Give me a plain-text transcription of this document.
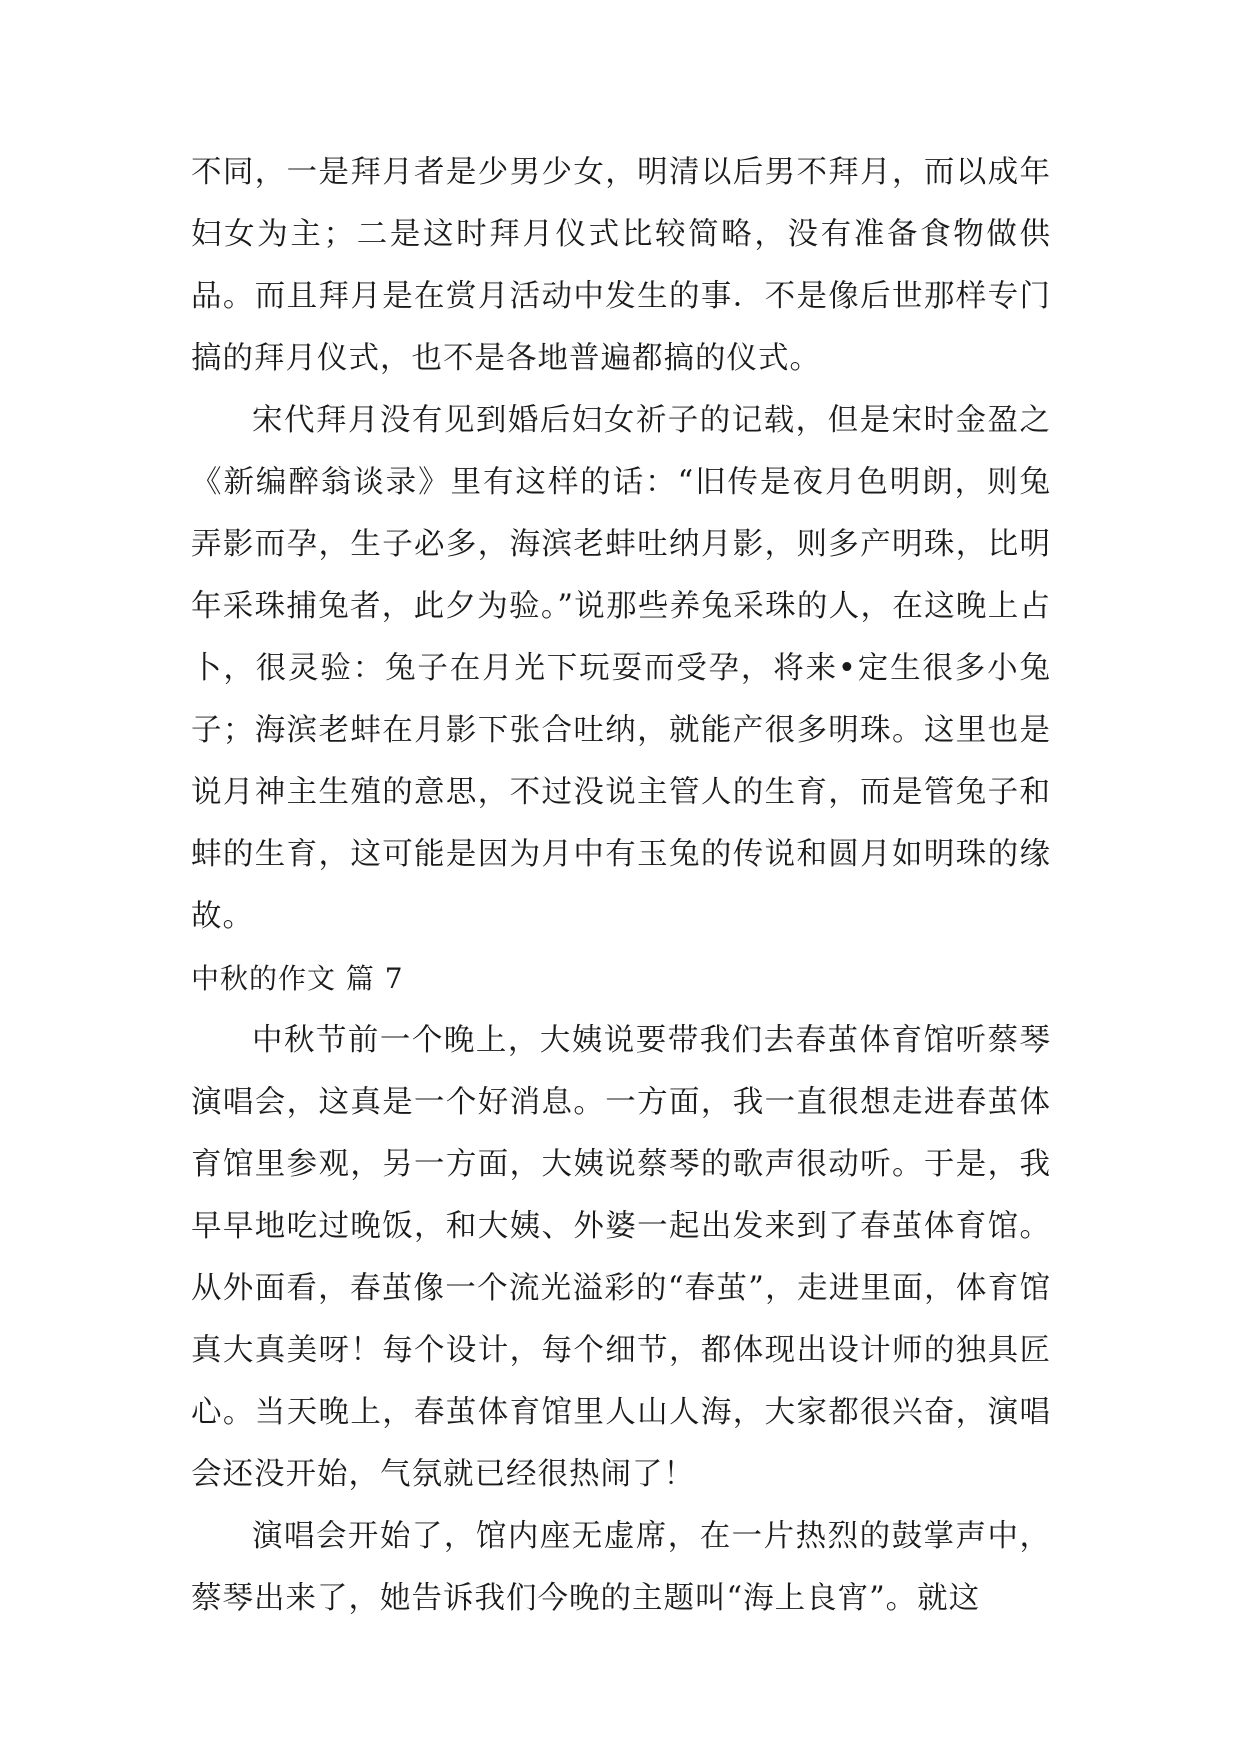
不同，一是拜月者是少男少女，明清以后男不拜月，而以成年妇女为主；二是这时拜月仪式比较简略，没有准备食物做供品。而且拜月是在赏月活动中发生的事．不是像后世那样专门搞的拜月仪式，也不是各地普遍都搞的仪式。

宋代拜月没有见到婚后妇女祈子的记载，但是宋时金盈之《新编醉翁谈录》里有这样的话：“旧传是夜月色明朗，则兔弄影而孕，生子必多，海滨老蚌吐纳月影，则多产明珠，比明年采珠捕兔者，此夕为验。”说那些养兔采珠的人，在这晚上占卜，很灵验：兔子在月光下玩耍而受孕，将来•定生很多小兔子；海滨老蚌在月影下张合吐纳，就能产很多明珠。这里也是说月神主生殖的意思，不过没说主管人的生育，而是管兔子和蚌的生育，这可能是因为月中有玉兔的传说和圆月如明珠的缘故。

中秋的作文 篇 7

中秋节前一个晚上，大姨说要带我们去春茧体育馆听蔡琴演唱会，这真是一个好消息。一方面，我一直很想走进春茧体育馆里参观，另一方面，大姨说蔡琴的歌声很动听。于是，我早早地吃过晚饭，和大姨、外婆一起出发来到了春茧体育馆。从外面看，春茧像一个流光溢彩的“春茧”，走进里面，体育馆真大真美呀！每个设计，每个细节，都体现出设计师的独具匠心。当天晚上，春茧体育馆里人山人海，大家都很兴奋，演唱会还没开始，气氛就已经很热闹了！

演唱会开始了，馆内座无虚席，在一片热烈的鼓掌声中，蔡琴出来了，她告诉我们今晚的主题叫“海上良宵”。就这
